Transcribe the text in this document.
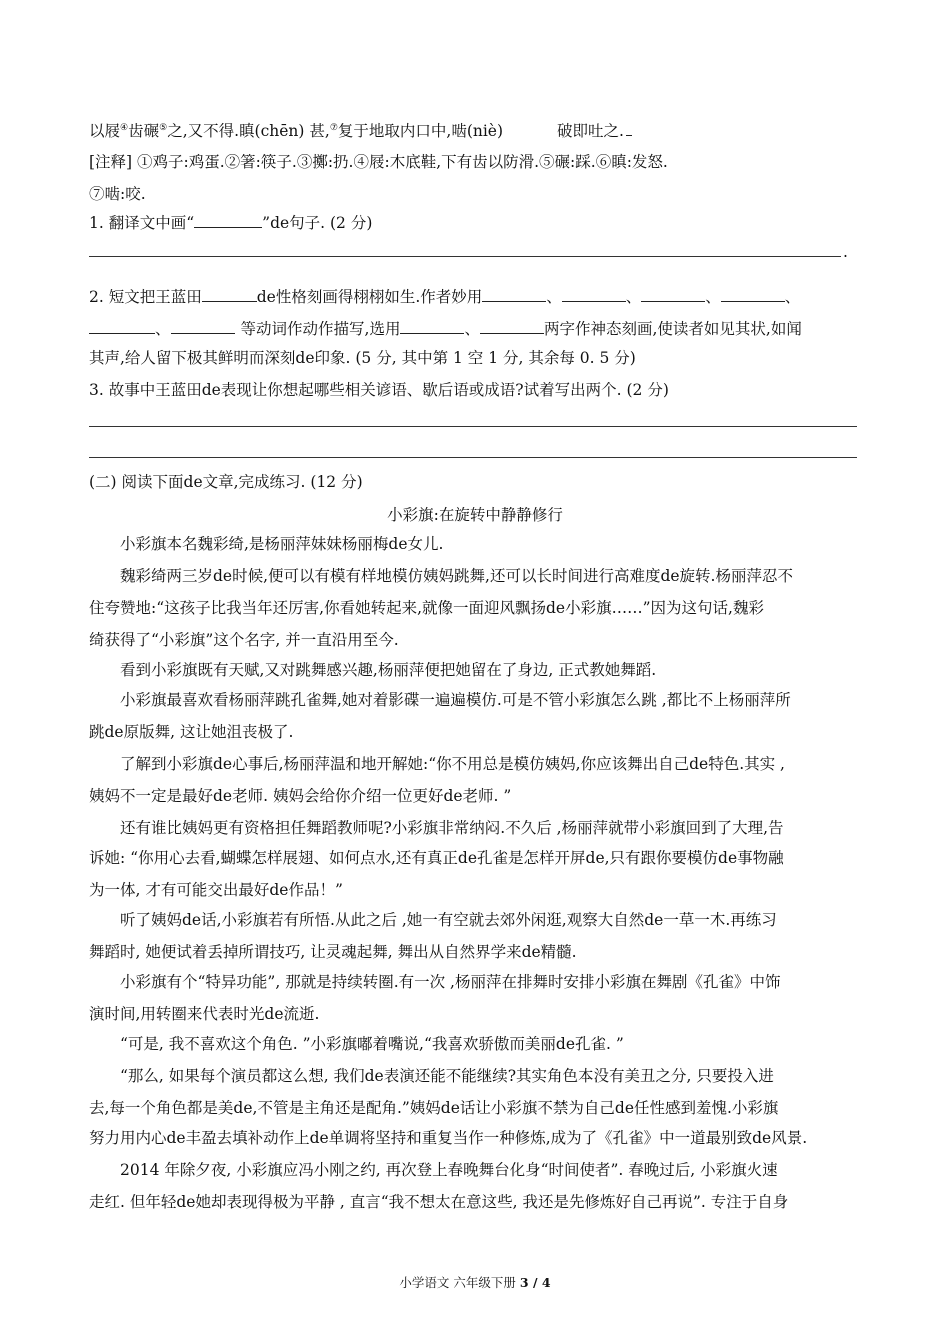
以屐④齿碾⑤之,又不得.瞋(chēn) 甚,⑦复于地取内口中,啮(niè)	破即吐之.
[注释] ①鸡子:鸡蛋.②箸:筷子.③擲:扔.④屐:木底鞋,下有齿以防滑.⑤碾:踩.⑥瞋:发怒.
⑦啮:咬.
1. 翻译文中画“	”de句子. (2 分)
.
2. 短文把王蓝田	de性格刻画得栩栩如生.作者妙用	、	、	、	、
、	等动词作动作描写,选用	、	两字作神态刻画,使读者如见其状,如闻
其声,给人留下极其鲜明而深刻de印象. (5 分, 其中第 1 空 1 分, 其余每 0. 5 分)
3. 故事中王蓝田de表现让你想起哪些相关谚语、歇后语或成语?试着写出两个. (2 分)
(二) 阅读下面de文章,完成练习. (12 分)
小彩旗:在旋转中静静修行
小彩旗本名魏彩绮,是杨丽萍妹妹杨丽梅de女儿.
魏彩绮两三岁de时候,便可以有模有样地模仿姨妈跳舞,还可以长时间进行高难度de旋转.杨丽萍忍不
住夸赞地:“这孩子比我当年还厉害,你看她转起来,就像一面迎风飘扬de小彩旗……”因为这句话,魏彩
绮获得了“小彩旗”这个名字, 并一直沿用至今.
看到小彩旗既有天赋,又对跳舞感兴趣,杨丽萍便把她留在了身边, 正式教她舞蹈.
小彩旗最喜欢看杨丽萍跳孔雀舞,她对着影碟一遍遍模仿.可是不管小彩旗怎么跳 ,都比不上杨丽萍所
跳de原版舞, 这让她沮丧极了.
了解到小彩旗de心事后,杨丽萍温和地开解她:“你不用总是模仿姨妈,你应该舞出自己de特色.其实 ,
姨妈不一定是最好de老师. 姨妈会给你介绍一位更好de老师. ”
还有谁比姨妈更有资格担任舞蹈教师呢?小彩旗非常纳闷.不久后 ,杨丽萍就带小彩旗回到了大理,告
诉她: “你用心去看,蝴蝶怎样展翅、如何点水,还有真正de孔雀是怎样开屏de,只有跟你要模仿de事物融
为一体, 才有可能交出最好de作品！”
听了姨妈de话,小彩旗若有所悟.从此之后 ,她一有空就去郊外闲逛,观察大自然de一草一木.再练习
舞蹈时, 她便试着丢掉所谓技巧, 让灵魂起舞, 舞出从自然界学来de精髓.
小彩旗有个“特异功能”, 那就是持续转圈.有一次 ,杨丽萍在排舞时安排小彩旗在舞剧《孔雀》中饰
演时间,用转圈来代表时光de流逝.
“可是, 我不喜欢这个角色. ”小彩旗嘟着嘴说,“我喜欢骄傲而美丽de孔雀. ”
“那么, 如果每个演员都这么想, 我们de表演还能不能继续?其实角色本没有美丑之分, 只要投入进
去,每一个角色都是美de,不管是主角还是配角.”姨妈de话让小彩旗不禁为自己de任性感到羞愧.小彩旗
努力用内心de丰盈去填补动作上de单调将坚持和重复当作一种修炼,成为了《孔雀》中一道最别致de风景.
2014 年除夕夜, 小彩旗应冯小刚之约, 再次登上春晚舞台化身“时间使者”. 春晚过后, 小彩旗火速
走红. 但年轻de她却表现得极为平静 , 直言“我不想太在意这些, 我还是先修炼好自己再说”. 专注于自身
小学语文 六年级下册 3 / 4
